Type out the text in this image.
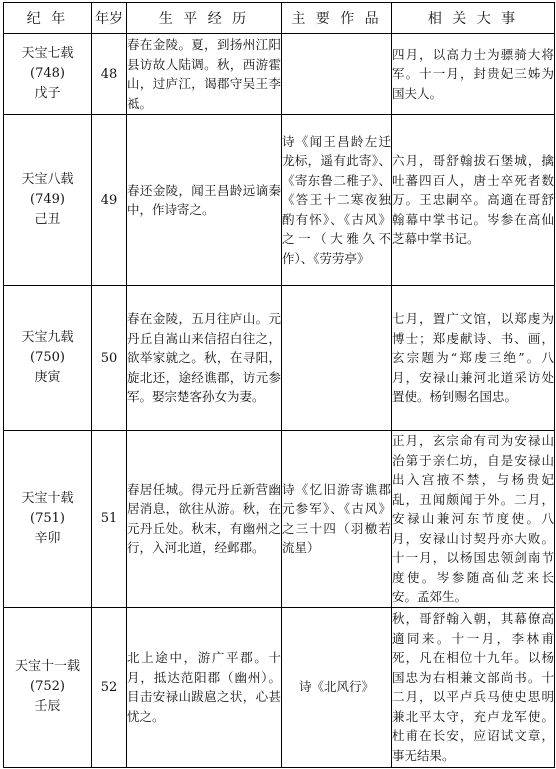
纪 年	年岁	生 平 经 历	主 要 作 品	相 关 大 事

天宝七载
(748)
戊子	48	春在金陵。夏，到扬州江阳县访故人陆调。秋，西游霍山，过庐江，谒郡守吴王李祗。		四月，以高力士为骠骑大将军。十一月，封贵妃三姊为国夫人。

天宝八载
(749)
己丑	49	春还金陵，闻王昌龄远谪秦中，作诗寄之。	诗《闻王昌龄左迁龙标，遥有此寄》、《寄东鲁二稚子》、《答王十二寒夜独酌有怀》、《古风》之一（大雅久不作）、《劳劳亭》	六月，哥舒翰拔石堡城，擒吐蕃四百人，唐士卒死者数万。王忠嗣卒。高適在哥舒翰幕中掌书记。岑参在高仙芝幕中掌书记。

天宝九载
(750)
庚寅	50	春在金陵，五月往庐山。元丹丘自嵩山来信招白往之，欲举家就之。秋，在寻阳，旋北还，途经谯郡，访元参军。娶宗楚客孙女为妻。		七月，置广文馆，以郑虔为博士；郑虔献诗、书、画，玄宗题为“郑虔三绝”。八月，安禄山兼河北道采访处置使。杨钊赐名国忠。

天宝十载
(751)
辛卯	51	春居任城。得元丹丘新营幽居消息，欲往从游。秋，在元丹丘处。秋末，有幽州之行，入河北道，经邺郡。	诗《忆旧游寄谯郡元参军》、《古风》之三十四（羽檄若流星）	正月，玄宗命有司为安禄山治第于亲仁坊，自是安禄山出入宫掖不禁，与杨贵妃乱，丑闻颇闻于外。二月，安禄山兼河东节度使。八月，安禄山讨契丹亦大败。十一月，以杨国忠领剑南节度使。岑参随高仙芝来长安。孟郊生。

天宝十一载
(752)
壬辰	52	北上途中，游广平郡。十月，抵达范阳郡（幽州）。目击安禄山跋扈之状，心甚忧之。	诗《北风行》	秋，哥舒翰入朝，其幕僚高適同来。十一月，李林甫死，凡在相位十九年。以杨国忠为右相兼文部尚书。十二月，以平卢兵马使史思明兼北平太守，充卢龙军使。杜甫在长安，应诏试文章，事无结果。
